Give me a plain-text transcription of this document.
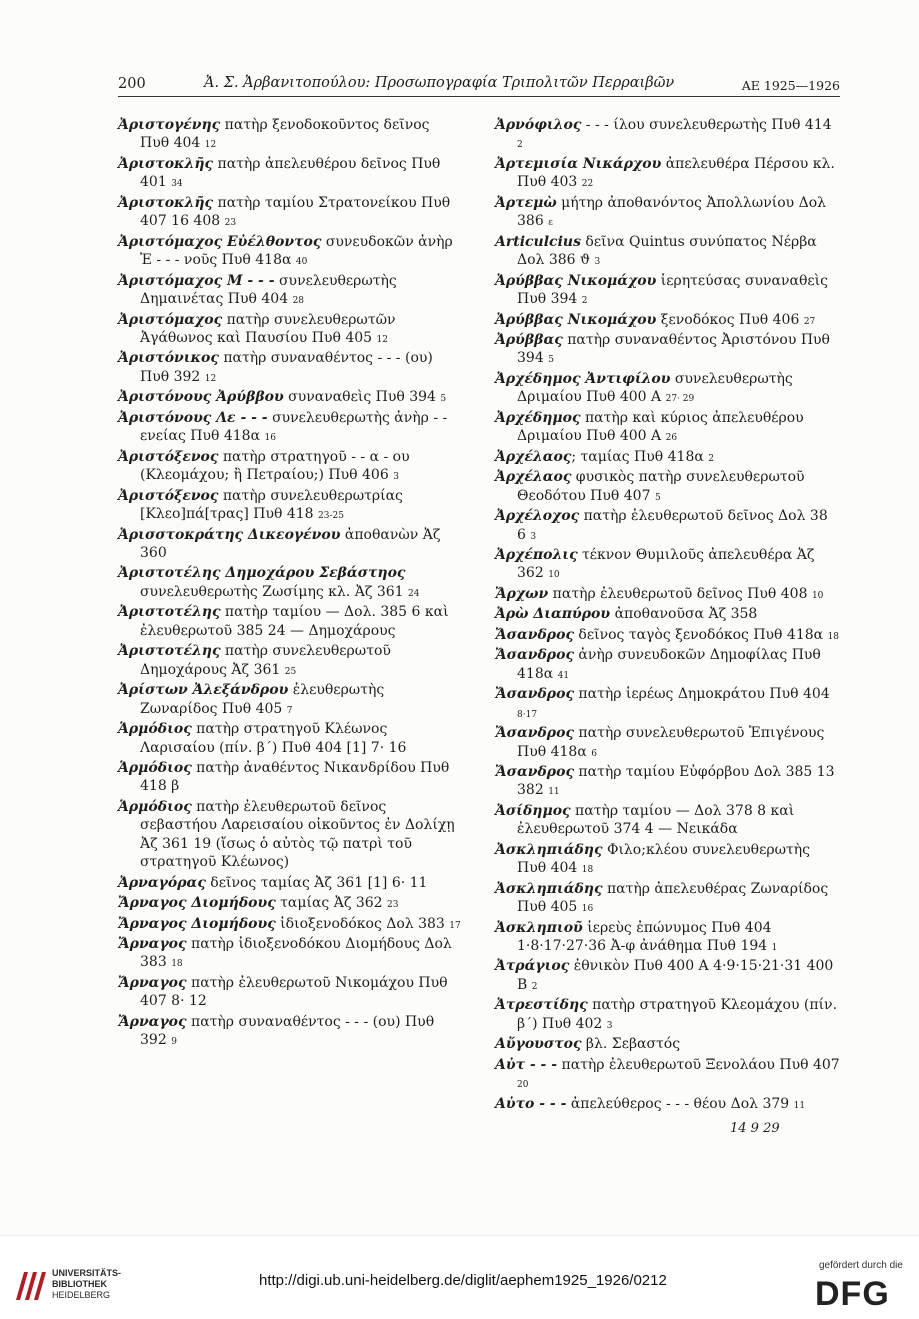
200	Ἀ. Σ. Ἀρβανιτοπούλου: Προσωπογραφία Τριπολιτῶν Περραιβῶν	ΑΕ 1925—1926

Ἀριστογένης πατὴρ ξενοδοκοῦντος δεῖνος Πυθ 404 12

Ἀριστοκλῆς πατὴρ ἀπελευθέρου δεῖνος Πυθ 401 34

Ἀριστοκλῆς πατὴρ ταμίου Στρατονείκου Πυθ 407 16 408 23

Ἀριστόμαχος Εὐέλθοντος συνευδοκῶν ἀνὴρ Ἐ - - - νοῦς Πυθ 418α 40

Ἀριστόμαχος Μ - - - συνελευθερωτὴς Δημαινέτας Πυθ 404 28

Ἀριστόμαχος πατὴρ συνελευθερωτῶν Ἀγάθωνος καὶ Παυσίου Πυθ 405 12

Ἀριστόνικος πατὴρ συναναθέντος - - - (ου) Πυθ 392 12

Ἀριστόνους Ἀρύββου συναναθεὶς Πυθ 394 5

Ἀριστόνους Λε - - - συνελευθερωτὴς ἀνὴρ - - ενείας Πυθ 418α 16

Ἀριστόξενος πατὴρ στρατηγοῦ - - α - ου (Κλεομάχου; ἢ Πετραίου;) Πυθ 406 3

Ἀριστόξενος πατὴρ συνελευθερωτρίας [Κλεο]πά[τρας] Πυθ 418 23-25

Ἀρισστοκράτης Δικεογένου ἀποθανὼν Ἀζ 360

Ἀριστοτέλης Δημοχάρου Σεβάστηος συνελευθερωτὴς Ζωσίμης κλ. Ἀζ 361 24

Ἀριστοτέλης πατὴρ ταμίου — Δολ. 385 6 καὶ ἐλευθερωτοῦ 385 24 — Δημοχάρους

Ἀριστοτέλης πατὴρ συνελευθερωτοῦ Δημοχάρους Ἀζ 361 25

Ἀρίστων Ἀλεξάνδρου ἐλευθερωτὴς Ζωναρίδος Πυθ 405 7

Ἁρμόδιος πατὴρ στρατηγοῦ Κλέωνος Λαρισαίου (πίν. β΄) Πυθ 404 [1] 7· 16

Ἁρμόδιος πατὴρ ἀναθέντος Νικανδρίδου Πυθ 418 β

Ἁρμόδιος πατὴρ ἐλευθερωτοῦ δεῖνος σεβαστήου Λαρεισαίου οἰκοῦντος ἐν Δολίχῃ Ἀζ 361 19 (ἴσως ὁ αὐτὸς τῷ πατρὶ τοῦ στρατηγοῦ Κλέωνος)

Ἀρναγόρας δεῖνος ταμίας Ἀζ 361 [1] 6· 11

Ἄρναγος Διομήδους ταμίας Ἀζ 362 23

Ἄρναγος Διομήδους ἰδιοξενοδόκος Δολ 383 17

Ἄρναγος πατὴρ ἰδιοξενοδόκου Διομήδους Δολ 383 18

Ἄρναγος πατὴρ ἐλευθερωτοῦ Νικομάχου Πυθ 407 8· 12

Ἄρναγος πατὴρ συναναθέντος - - - (ου) Πυθ 392 9

Ἀρνόφιλος - - - ίλου συνελευθερωτὴς Πυθ 414 2

Ἀρτεμισία Νικάρχου ἀπελευθέρα Πέρσου κλ. Πυθ 403 22

Ἀρτεμὼ μήτηρ ἀποθανόντος Ἀπολλωνίου Δολ 386 ε

Articulcius δεῖνα Quintus συνύπατος Νέρβα Δολ 386 ϑ 3

Ἀρύββας Νικομάχου ἱερητεύσας συναναθεὶς Πυθ 394 2

Ἀρύββας Νικομάχου ξενοδόκος Πυθ 406 27

Ἀρύββας πατὴρ συναναθέντος Ἀριστόνου Πυθ 394 5

Ἀρχέδημος Ἀντιφίλου συνελευθερωτὴς Δριμαίου Πυθ 400 Α 27· 29

Ἀρχέδημος πατὴρ καὶ κύριος ἀπελευθέρου Δριμαίου Πυθ 400 Α 26

Ἀρχέλαος; ταμίας Πυθ 418α 2

Ἀρχέλαος φυσικὸς πατὴρ συνελευθερωτοῦ Θεοδότου Πυθ 407 5

Ἀρχέλοχος πατὴρ ἐλευθερωτοῦ δεῖνος Δολ 38 6 3

Ἀρχέπολις τέκνον Θυμιλοῦς ἀπελευθέρα Ἀζ 362 10

Ἄρχων πατὴρ ἐλευθερωτοῦ δεῖνος Πυθ 408 10

Ἀρὼ Διαπύρου ἀποθανοῦσα Ἀζ 358

Ἄσανδρος δεῖνος ταγὸς ξενοδόκος Πυθ 418α 18

Ἄσανδρος ἀνὴρ συνευδοκῶν Δημοφίλας Πυθ 418α 41

Ἄσανδρος πατὴρ ἱερέως Δημοκράτου Πυθ 404 8·17

Ἄσανδρος πατὴρ συνελευθερωτοῦ Ἐπιγένους Πυθ 418α 6

Ἄσανδρος πατὴρ ταμίου Εὐφόρβου Δολ 385 13 382 11

Ἀσίδημος πατὴρ ταμίου — Δολ 378 8 καὶ ἐλευθερωτοῦ 374 4 — Νεικάδα

Ἀσκληπιάδης Φιλο;κλέου συνελευθερωτὴς Πυθ 404 18

Ἀσκληπιάδης πατὴρ ἀπελευθέρας Ζωναρίδος Πυθ 405 16

Ἀσκληπιοῦ ἱερεὺς ἐπώνυμος Πυθ 404 1·8·17·27·36 Ἀ-φ ἀνάθημα Πυθ 194 1

Ἀτράγιος ἐθνικὸν Πυθ 400 Α 4·9·15·21·31 400 Β 2

Ἀτρεστίδης πατὴρ στρατηγοῦ Κλεομάχου (πίν. β΄) Πυθ 402 3

Αὔγουστος βλ. Σεβαστός

Αὐτ - - - πατὴρ ἐλευθερωτοῦ Ξενολάου Πυθ 407 20

Αὐτο - - - ἀπελεύθερος - - - θέου Δολ 379 11

14 9 29
UNIVERSITÄTS-
BIBLIOTHEK
HEIDELBERG
http://digi.ub.uni-heidelberg.de/diglit/aephem1925_1926/0212
gefördert durch die
DFG
